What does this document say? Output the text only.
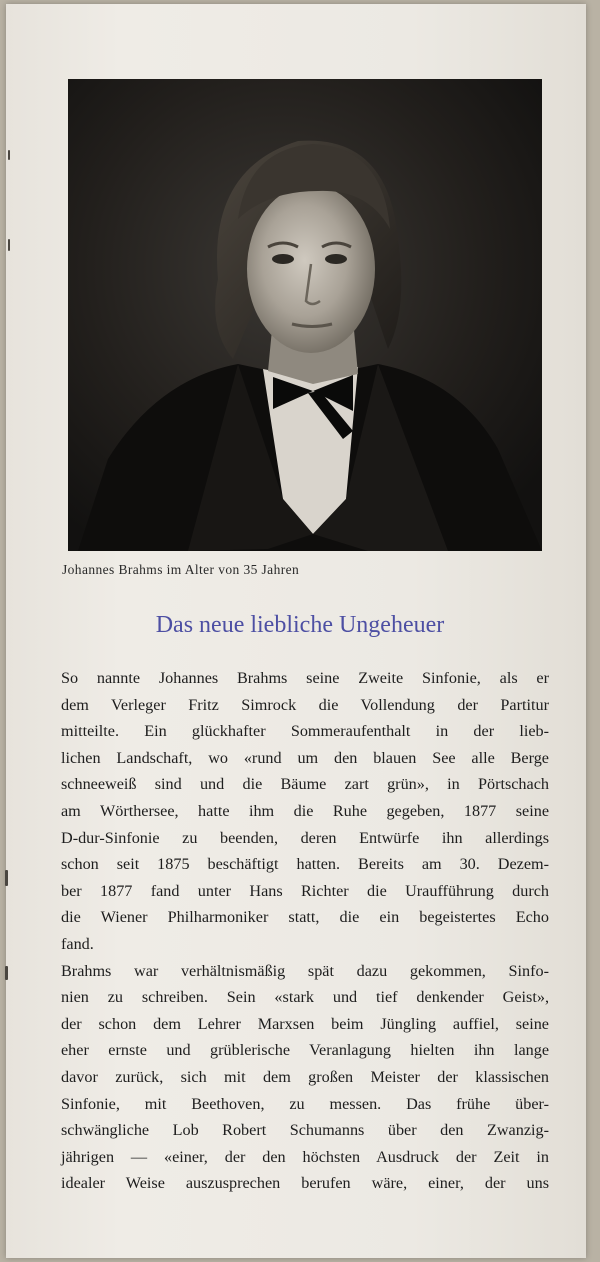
Johannes Brahms im Alter von 35 Jahren
Das neue liebliche Ungeheuer
So nannte Johannes Brahms seine Zweite Sinfonie, als er
dem Verleger Fritz Simrock die Vollendung der Partitur
mitteilte. Ein glückhafter Sommeraufenthalt in der lieb-
lichen Landschaft, wo «rund um den blauen See alle Berge
schneeweiß sind und die Bäume zart grün», in Pörtschach
am Wörthersee, hatte ihm die Ruhe gegeben, 1877 seine
D-dur-Sinfonie zu beenden, deren Entwürfe ihn allerdings
schon seit 1875 beschäftigt hatten. Bereits am 30. Dezem-
ber 1877 fand unter Hans Richter die Uraufführung durch
die Wiener Philharmoniker statt, die ein begeistertes Echo
fand.
Brahms war verhältnismäßig spät dazu gekommen, Sinfo-
nien zu schreiben. Sein «stark und tief denkender Geist»,
der schon dem Lehrer Marxsen beim Jüngling auffiel, seine
eher ernste und grüblerische Veranlagung hielten ihn lange
davor zurück, sich mit dem großen Meister der klassischen
Sinfonie, mit Beethoven, zu messen. Das frühe über-
schwängliche Lob Robert Schumanns über den Zwanzig-
jährigen — «einer, der den höchsten Ausdruck der Zeit in
idealer Weise auszusprechen berufen wäre, einer, der uns
